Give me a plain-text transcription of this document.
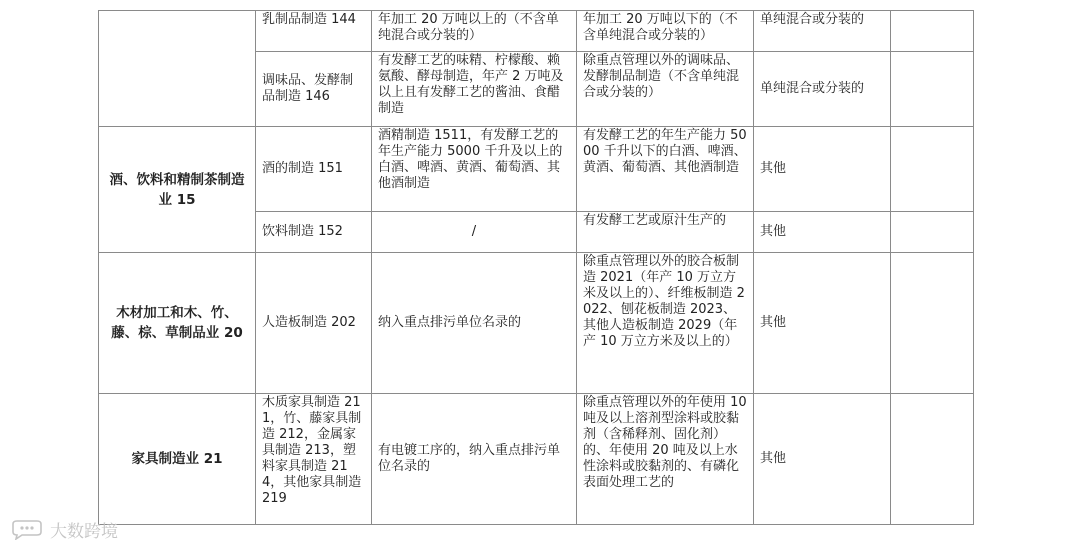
	乳制品制造 144	年加工 20 万吨以上的（不含单纯混合或分装的）	年加工 20 万吨以下的（不含单纯混合或分装的）	单纯混合或分装的	
	调味品、发酵制品制造 146	有发酵工艺的味精、柠檬酸、赖氨酸、酵母制造，年产 2 万吨及以上且有发酵工艺的酱油、食醋制造	除重点管理以外的调味品、发酵制品制造（不含单纯混合或分装的）	单纯混合或分装的	
酒、饮料和精制茶制造业 15	酒的制造 151	酒精制造 1511，有发酵工艺的年生产能力 5000 千升及以上的白酒、啤酒、黄酒、葡萄酒、其他酒制造	有发酵工艺的年生产能力 5000 千升以下的白酒、啤酒、黄酒、葡萄酒、其他酒制造	其他	
	饮料制造 152	/	有发酵工艺或原汁生产的	其他	
木材加工和木、竹、藤、棕、草制品业 20	人造板制造 202	纳入重点排污单位名录的	除重点管理以外的胶合板制造 2021（年产 10 万立方米及以上的）、纤维板制造 2022、刨花板制造 2023、其他人造板制造 2029（年产 10 万立方米及以上的）	其他	
家具制造业 21	木质家具制造 211，竹、藤家具制造 212，金属家具制造 213，塑料家具制造 214，其他家具制造 219	有电镀工序的，纳入重点排污单位名录的	除重点管理以外的年使用 10 吨及以上溶剂型涂料或胶黏剂（含稀释剂、固化剂）的、年使用 20 吨及以上水性涂料或胶黏剂的、有磷化表面处理工艺的	其他	
大数跨境
